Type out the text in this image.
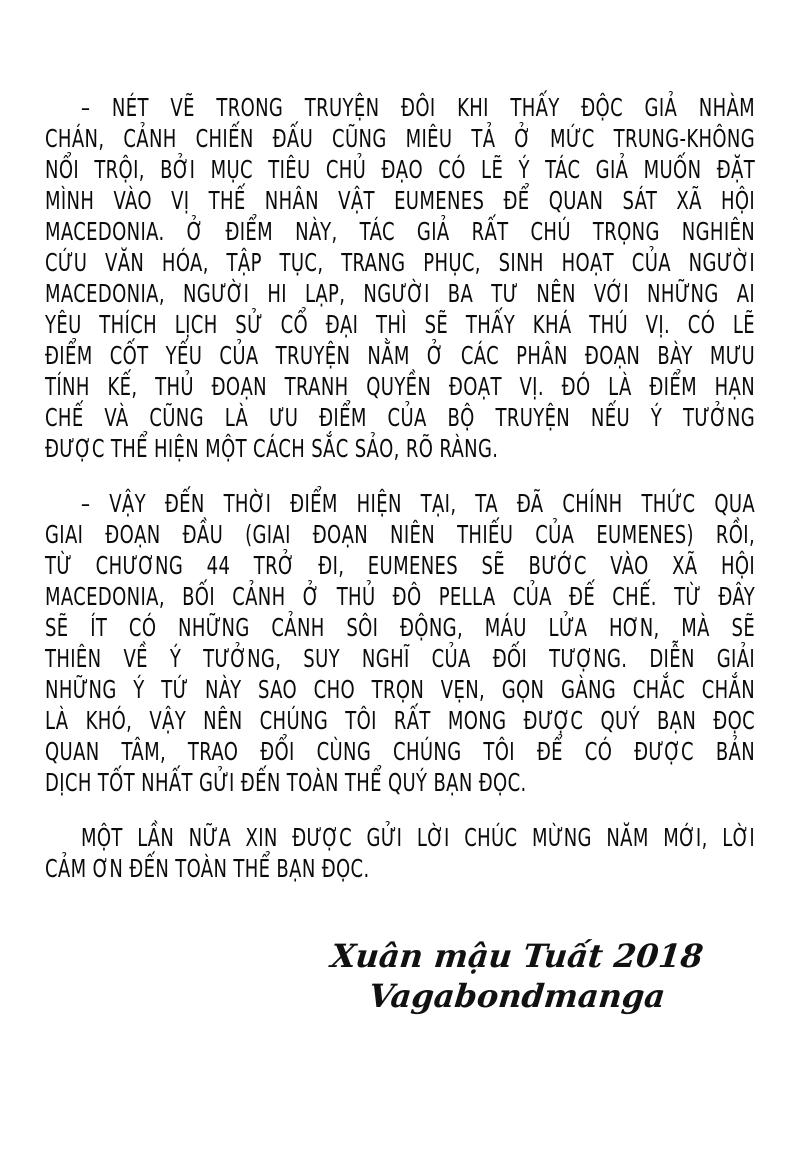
– NÉT VẼ TRONG TRUYỆN ĐÔI KHI THẤY ĐỘC GIẢ NHÀM
CHÁN, CẢNH CHIẾN ĐẤU CŨNG MIÊU TẢ Ở MỨC TRUNG-KHÔNG
NỔI TRỘI, BỞI MỤC TIÊU CHỦ ĐẠO CÓ LẼ Ý TÁC GIẢ MUỐN ĐẶT
MÌNH VÀO VỊ THẾ NHÂN VẬT EUMENES ĐỂ QUAN SÁT XÃ HỘI
MACEDONIA. Ở ĐIỂM NÀY, TÁC GIẢ RẤT CHÚ TRỌNG NGHIÊN
CỨU VĂN HÓA, TẬP TỤC, TRANG PHỤC, SINH HOẠT CỦA NGƯỜI
MACEDONIA, NGƯỜI HI LẠP, NGƯỜI BA TƯ NÊN VỚI NHỮNG AI
YÊU THÍCH LỊCH SỬ CỔ ĐẠI THÌ SẼ THẤY KHÁ THÚ VỊ. CÓ LẼ
ĐIỂM CỐT YẾU CỦA TRUYỆN NẰM Ở CÁC PHÂN ĐOẠN BÀY MƯU
TÍNH KẾ, THỦ ĐOẠN TRANH QUYỀN ĐOẠT VỊ. ĐÓ LÀ ĐIỂM HẠN
CHẾ VÀ CŨNG LÀ ƯU ĐIỂM CỦA BỘ TRUYỆN NẾU Ý TƯỞNG
ĐƯỢC THỂ HIỆN MỘT CÁCH SẮC SẢO, RÕ RÀNG.
– VẬY ĐẾN THỜI ĐIỂM HIỆN TẠI, TA ĐÃ CHÍNH THỨC QUA
GIAI ĐOẠN ĐẦU (GIAI ĐOẠN NIÊN THIẾU CỦA EUMENES) RỒI,
TỪ CHƯƠNG 44 TRỞ ĐI, EUMENES SẼ BƯỚC VÀO XÃ HỘI
MACEDONIA, BỐI CẢNH Ở THỦ ĐÔ PELLA CỦA ĐẾ CHẾ. TỪ ĐÂY
SẼ ÍT CÓ NHỮNG CẢNH SÔI ĐỘNG, MÁU LỬA HƠN, MÀ SẼ
THIÊN VỀ Ý TƯỞNG, SUY NGHĨ CỦA ĐỐI TƯỢNG. DIỄN GIẢI
NHỮNG Ý TỨ NÀY SAO CHO TRỌN VẸN, GỌN GÀNG CHẮC CHẮN
LÀ KHÓ, VẬY NÊN CHÚNG TÔI RẤT MONG ĐƯỢC QUÝ BẠN ĐỌC
QUAN TÂM, TRAO ĐỔI CÙNG CHÚNG TÔI ĐỂ CÓ ĐƯỢC BẢN
DỊCH TỐT NHẤT GỬI ĐẾN TOÀN THỂ QUÝ BẠN ĐỌC.
MỘT LẦN NỮA XIN ĐƯỢC GỬI LỜI CHÚC MỪNG NĂM MỚI, LỜI
CẢM ƠN ĐẾN TOÀN THỂ BẠN ĐỌC.
Xuân mậu Tuất 2018
Vagabondmanga
